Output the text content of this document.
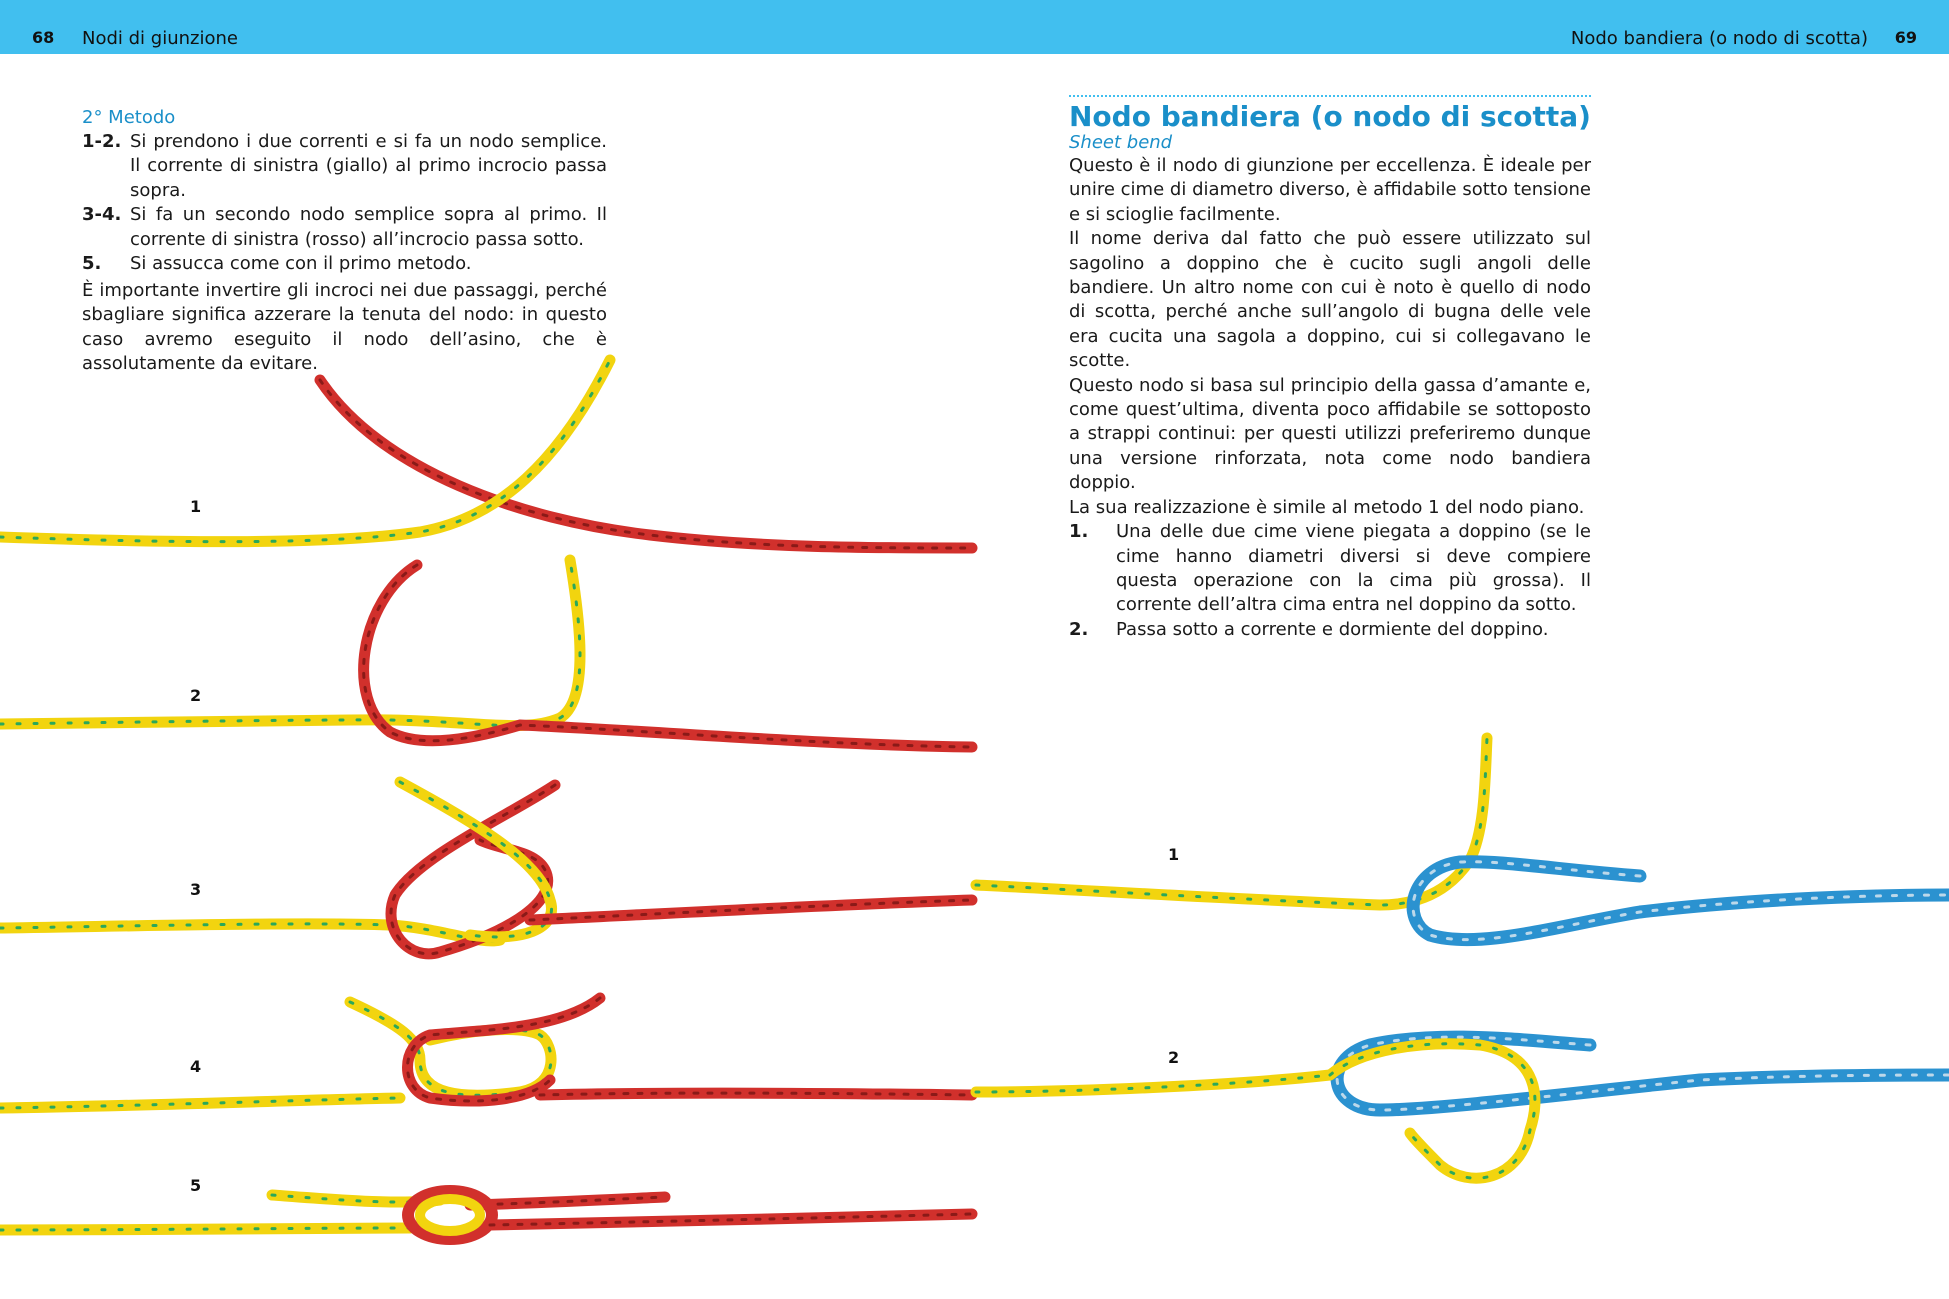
68 Nodi di giunzione	Nodo bandiera (o nodo di scotta) 69
2° Metodo
1-2. Si prendono i due correnti e si fa un nodo semplice. Il corrente di sinistra (giallo) al primo incrocio passa sopra.
3-4. Si fa un secondo nodo semplice sopra al primo. Il corrente di sinistra (rosso) all’incrocio passa sotto.
5.	Si assucca come con il primo metodo.

È importante invertire gli incroci nei due passaggi, perché sbagliare significa azzerare la tenuta del nodo: in questo caso avremo eseguito il nodo dell’asino, che è assolutamente da evitare.

Nodo bandiera (o nodo di scotta)
Sheet bend

Questo è il nodo di giunzione per eccellenza. È ideale per unire cime di diametro diverso, è affidabile sotto tensione e si scioglie facilmente.

Il nome deriva dal fatto che può essere utilizzato sul sagolino a doppino che è cucito sugli angoli delle bandiere. Un altro nome con cui è noto è quello di nodo di scotta, perché anche sull’angolo di bugna delle vele era cucita una sagola a doppino, cui si collegavano le scotte.

Questo nodo si basa sul principio della gassa d’amante e, come quest’ultima, diventa poco affidabile se sottoposto a strappi continui: per questi utilizzi preferiremo dunque una versione rinforzata, nota come nodo bandiera doppio.

La sua realizzazione è simile al metodo 1 del nodo piano.

1.	Una delle due cime viene piegata a doppino (se le cime hanno diametri diversi si deve compiere questa operazione con la cima più grossa). Il corrente dell’altra cima entra nel doppino da sotto.
2.	Passa sotto a corrente e dormiente del doppino.
1
2
3
4
5
1
2
